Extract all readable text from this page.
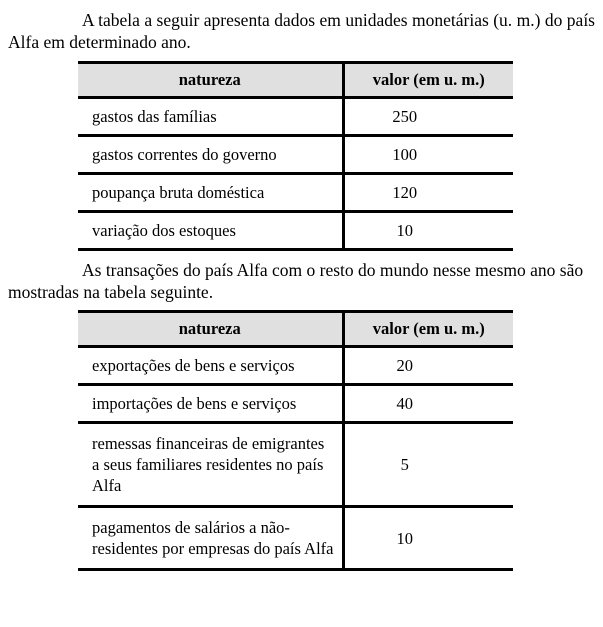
A tabela a seguir apresenta dados em unidades monetárias (u. m.) do país Alfa em determinado ano.

natureza	valor (em u. m.)
gastos das famílias	250
gastos correntes do governo	100
poupança bruta doméstica	120
variação dos estoques	10

As transações do país Alfa com o resto do mundo nesse mesmo ano são mostradas na tabela seguinte.

natureza	valor (em u. m.)
exportações de bens e serviços	20
importações de bens e serviços	40
remessas financeiras de emigrantes a seus familiares residentes no país Alfa	5
pagamentos de salários a não-residentes por empresas do país Alfa	10
